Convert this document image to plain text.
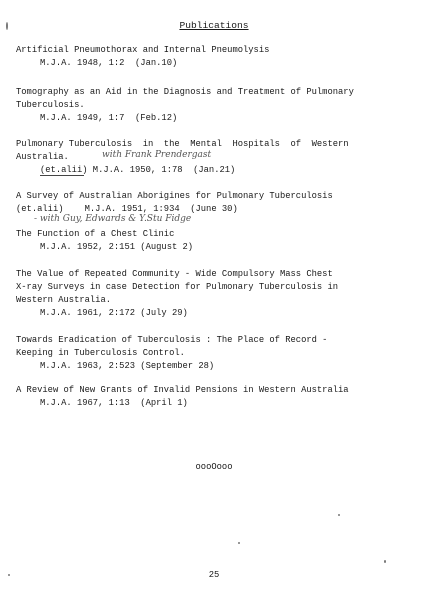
Publications
Artificial Pneumothorax and Internal Pneumolysis
M.J.A. 1948, 1:2  (Jan.10)
Tomography as an Aid in the Diagnosis and Treatment of Pulmonary
Tuberculosis.
M.J.A. 1949, 1:7  (Feb.12)
Pulmonary Tuberculosis  in  the  Mental  Hospitals  of  Western
Australia.
(et.alii) M.J.A. 1950, 1:78  (Jan.21)
with Frank Prendergast
A Survey of Australian Aborigines for Pulmonary Tuberculosis
(et.alii)    M.J.A. 1951, 1:934  (June 30)
- with Guy, Edwards & Y.Stu Fidge
The Function of a Chest Clinic
M.J.A. 1952, 2:151 (August 2)
The Value of Repeated Community - Wide Compulsory Mass Chest
X-ray Surveys in case Detection for Pulmonary Tuberculosis in
Western Australia.
M.J.A. 1961, 2:172 (July 29)
Towards Eradication of Tuberculosis : The Place of Record -
Keeping in Tuberculosis Control.
M.J.A. 1963, 2:523 (September 28)
A Review of New Grants of Invalid Pensions in Western Australia
M.J.A. 1967, 1:13  (April 1)
oooOooo
25
